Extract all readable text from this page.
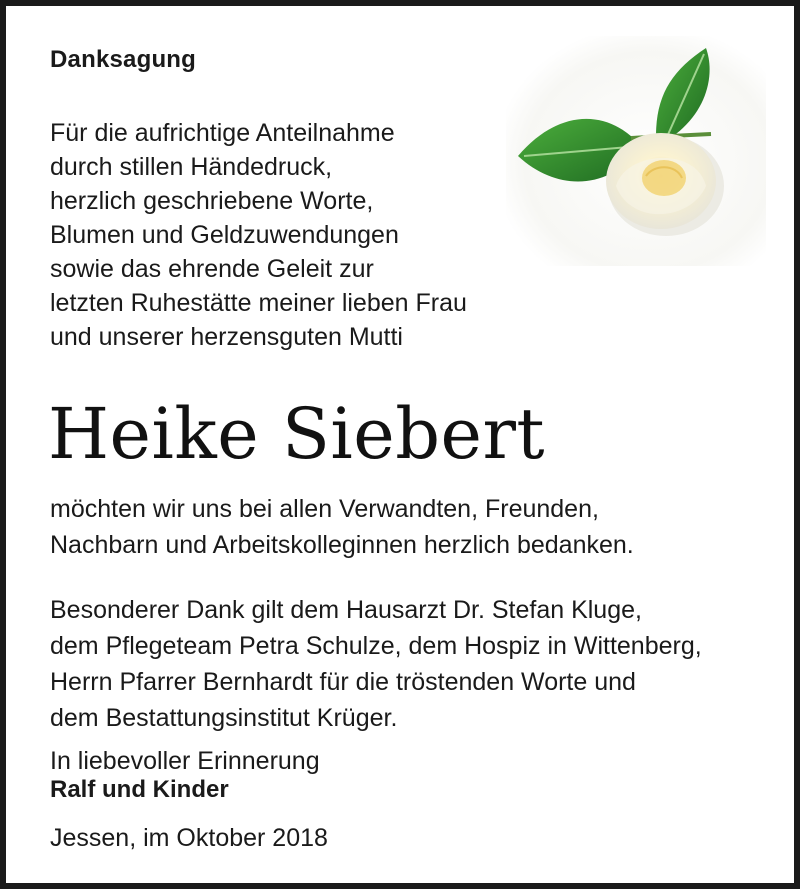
Danksagung
Für die aufrichtige Anteilnahme
durch stillen Händedruck,
herzlich geschriebene Worte,
Blumen und Geldzuwendungen
sowie das ehrende Geleit zur
letzten Ruhestätte meiner lieben Frau
und unserer herzensguten Mutti
Heike Siebert
möchten wir uns bei allen Verwandten, Freunden,
Nachbarn und Arbeitskolleginnen herzlich bedanken.
Besonderer Dank gilt dem Hausarzt Dr. Stefan Kluge,
dem Pflegeteam Petra Schulze, dem Hospiz in Wittenberg,
Herrn Pfarrer Bernhardt für die tröstenden Worte und
dem Bestattungsinstitut Krüger.
In liebevoller Erinnerung
Ralf und Kinder
Jessen, im Oktober 2018
